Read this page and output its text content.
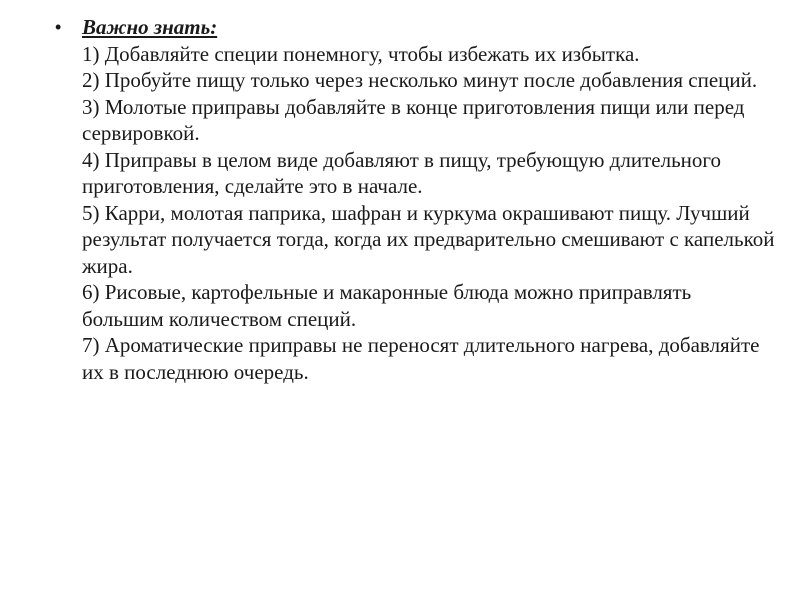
• Важно знать:
1) Добавляйте специи понемногу, чтобы избежать их избытка.
2) Пробуйте пищу только через несколько минут после добавления специй.
3) Молотые приправы добавляйте в конце приготовления пищи или перед сервировкой.
4) Приправы в целом виде добавляют в пищу, требующую длительного приготовления, сделайте это в начале.
5) Карри, молотая паприка, шафран и куркума окрашивают пищу. Лучший результат получается тогда, когда их предварительно смешивают с капелькой жира.
6) Рисовые, картофельные и макаронные блюда можно приправлять большим количеством специй.
7) Ароматические приправы не переносят длительного нагрева, добавляйте их в последнюю очередь.
